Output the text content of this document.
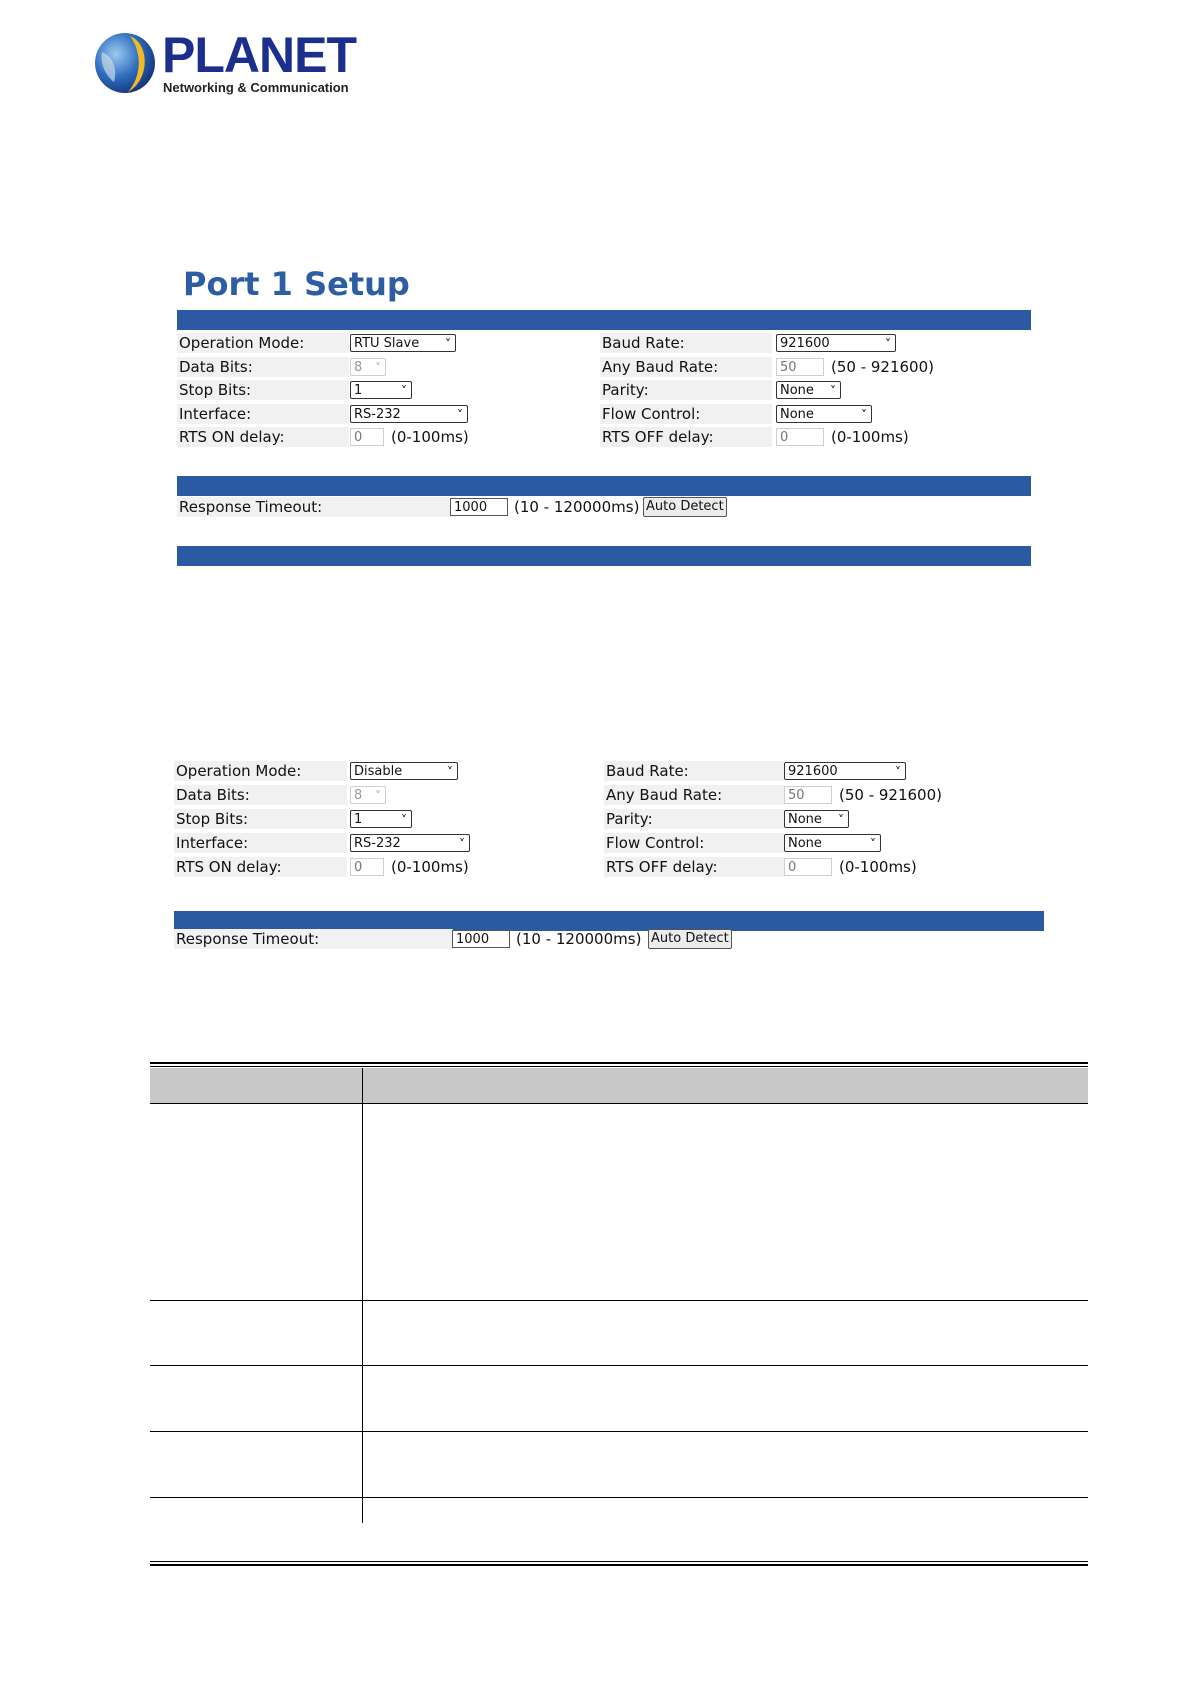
PLANET
Networking & Communication
Port 1 Setup
Operation Mode:	RTU Slave ˅
Data Bits:	8 ˅
Stop Bits:	1	˅
Interface:	RS-232	˅
RTS ON delay:	0	(0-100ms)
Baud Rate:	921600	˅
Any Baud Rate:	50	(50 - 921600)
Parity:	None ˅
Flow Control:	None	˅
RTS OFF delay:	0	(0-100ms)
Response Timeout:	1000	(10 - 120000ms) Auto Detect
Operation Mode:	Disable	˅
Data Bits:	8 ˅
Stop Bits:	1	˅
Interface:	RS-232	˅
RTS ON delay:	0	(0-100ms)
Baud Rate:	921600	˅
Any Baud Rate:	50	(50 - 921600)
Parity:	None ˅
Flow Control:	None	˅
RTS OFF delay:	0	(0-100ms)
Response Timeout:	1000	(10 - 120000ms) Auto Detect
